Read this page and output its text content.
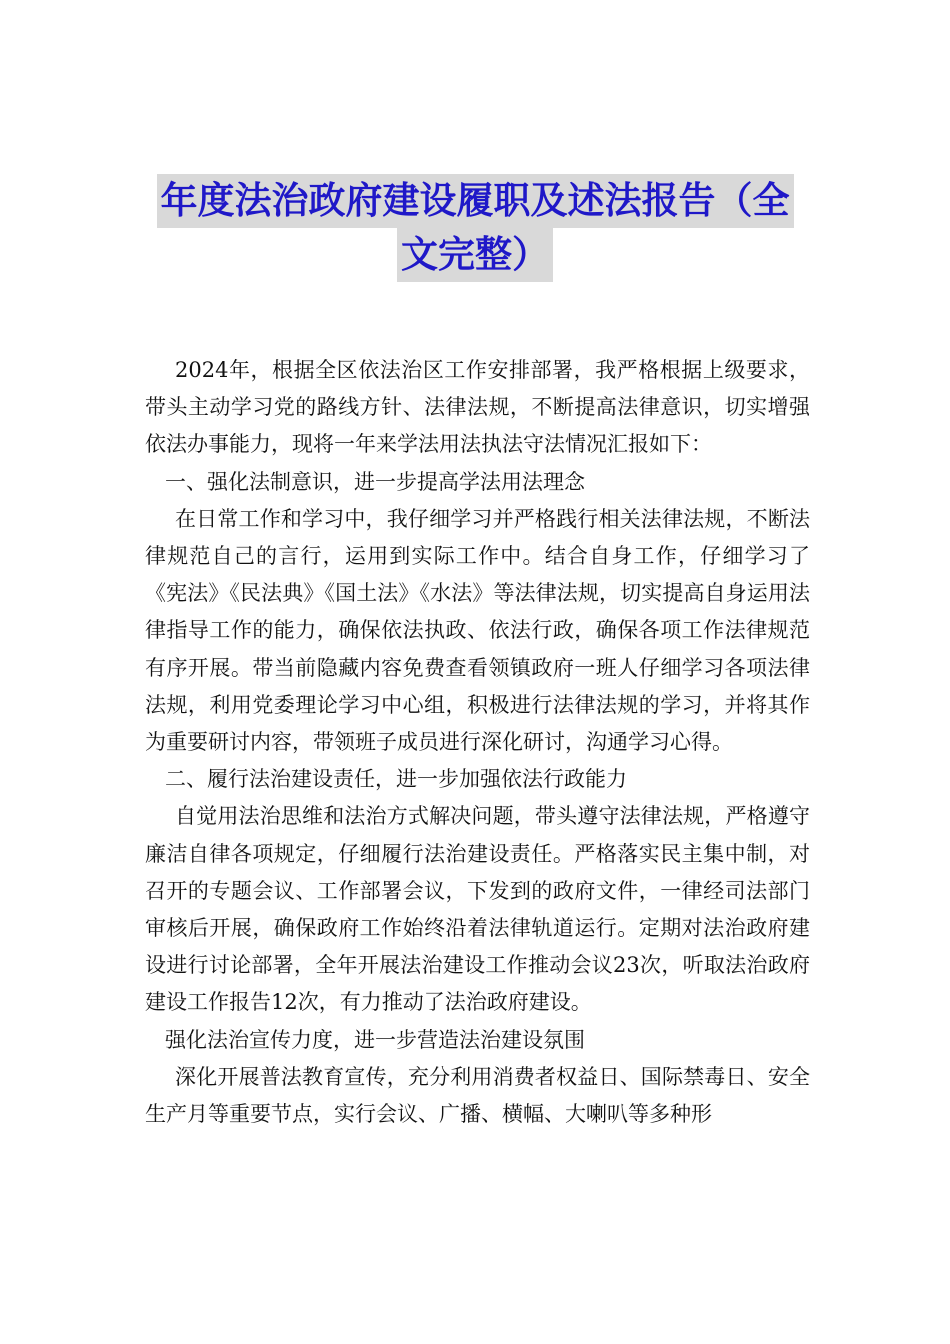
年度法治政府建设履职及述法报告（全
文完整）

2024年，根据全区依法治区工作安排部署，我严格根据上级要求，带头主动学习党的路线方针、法律法规，不断提高法律意识，切实增强依法办事能力，现将一年来学法用法执法守法情况汇报如下：

一、强化法制意识，进一步提高学法用法理念

在日常工作和学习中，我仔细学习并严格践行相关法律法规，不断法律规范自己的言行，运用到实际工作中。结合自身工作，仔细学习了《宪法》《民法典》《国土法》《水法》等法律法规，切实提高自身运用法律指导工作的能力，确保依法执政、依法行政，确保各项工作法律规范有序开展。带当前隐藏内容免费查看领镇政府一班人仔细学习各项法律法规，利用党委理论学习中心组，积极进行法律法规的学习，并将其作为重要研讨内容，带领班子成员进行深化研讨，沟通学习心得。

二、履行法治建设责任，进一步加强依法行政能力

自觉用法治思维和法治方式解决问题，带头遵守法律法规，严格遵守廉洁自律各项规定，仔细履行法治建设责任。严格落实民主集中制，对召开的专题会议、工作部署会议，下发到的政府文件，一律经司法部门审核后开展，确保政府工作始终沿着法律轨道运行。定期对法治政府建设进行讨论部署，全年开展法治建设工作推动会议23次，听取法治政府建设工作报告12次，有力推动了法治政府建设。

强化法治宣传力度，进一步营造法治建设氛围

深化开展普法教育宣传，充分利用消费者权益日、国际禁毒日、安全生产月等重要节点，实行会议、广播、横幅、大喇叭等多种形
